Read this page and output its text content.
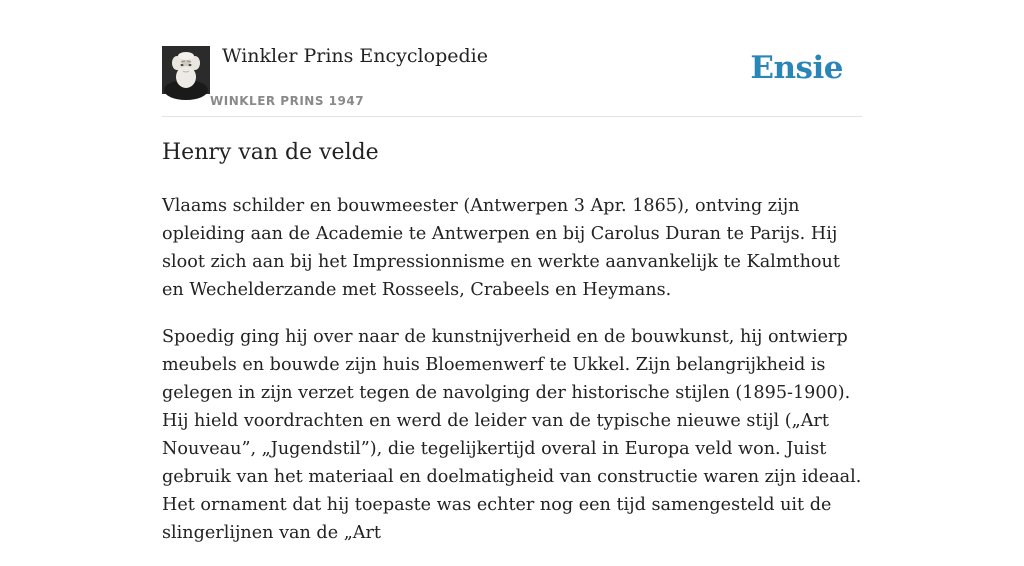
Winkler Prins Encyclopedie
WINKLER PRINS 1947
Ensie
Henry van de velde

Vlaams schilder en bouwmeester (Antwerpen 3 Apr. 1865), ontving zijn opleiding aan de Academie te Antwerpen en bij Carolus Duran te Parijs. Hij sloot zich aan bij het Impressionnisme en werkte aanvankelijk te Kalmthout en Wechelderzande met Rosseels, Crabeels en Heymans.

Spoedig ging hij over naar de kunstnijverheid en de bouwkunst, hij ontwierp meubels en bouwde zijn huis Bloemenwerf te Ukkel. Zijn belangrijkheid is gelegen in zijn verzet tegen de navolging der historische stijlen (1895-1900). Hij hield voordrachten en werd de leider van de typische nieuwe stijl („Art Nouveau”, „Jugendstil”), die tegelijkertijd overal in Europa veld won. Juist gebruik van het materiaal en doelmatigheid van constructie waren zijn ideaal. Het ornament dat hij toepaste was echter nog een tijd samengesteld uit de slingerlijnen van de „Art
